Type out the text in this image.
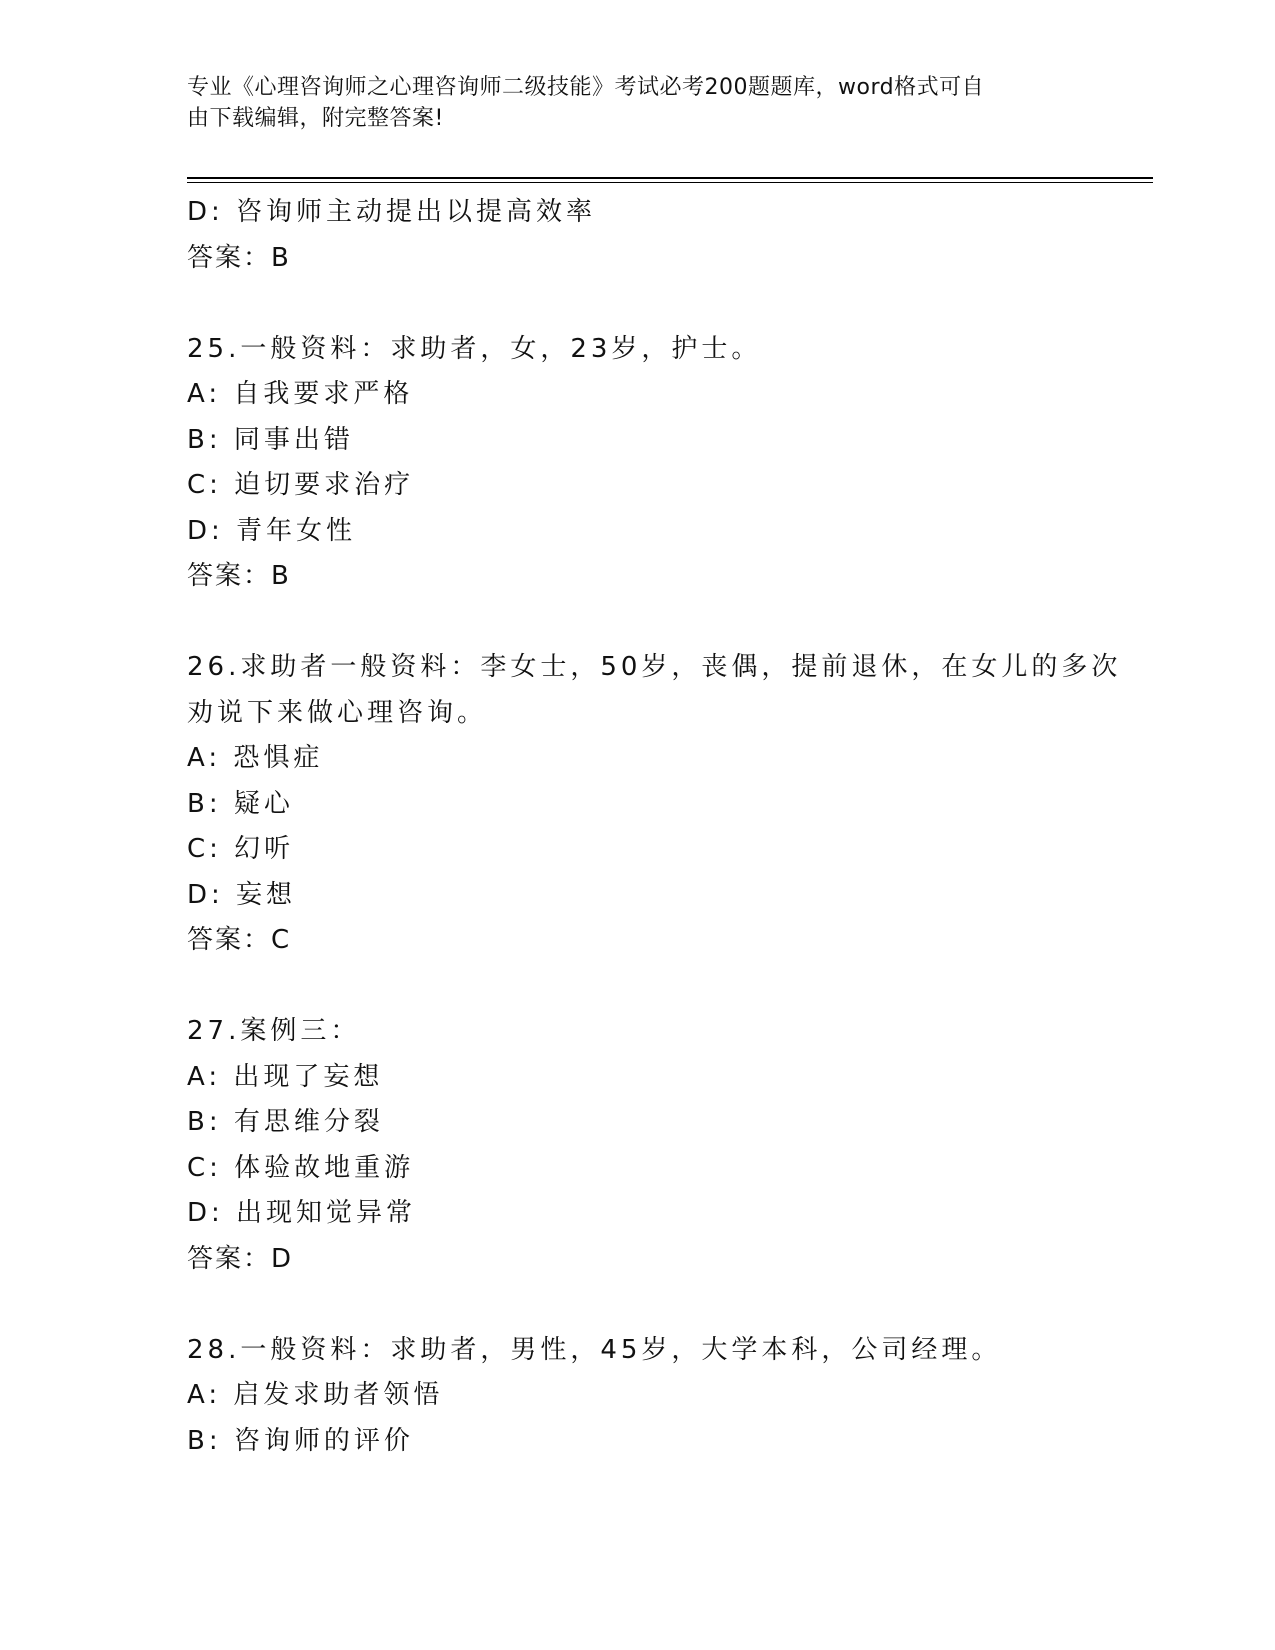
专业《心理咨询师之心理咨询师二级技能》考试必考200题题库，word格式可自
由下载编辑，附完整答案!
D: 咨询师主动提出以提高效率
答案：B
25.一般资料：求助者，女，23岁，护士。
A: 自我要求严格
B: 同事出错
C: 迫切要求治疗
D: 青年女性
答案：B
26.求助者一般资料：李女士，50岁，丧偶，提前退休，在女儿的多次
劝说下来做心理咨询。
A: 恐惧症
B: 疑心
C: 幻听
D: 妄想
答案：C
27.案例三：
A: 出现了妄想
B: 有思维分裂
C: 体验故地重游
D: 出现知觉异常
答案：D
28.一般资料：求助者，男性，45岁，大学本科，公司经理。
A: 启发求助者领悟
B: 咨询师的评价
